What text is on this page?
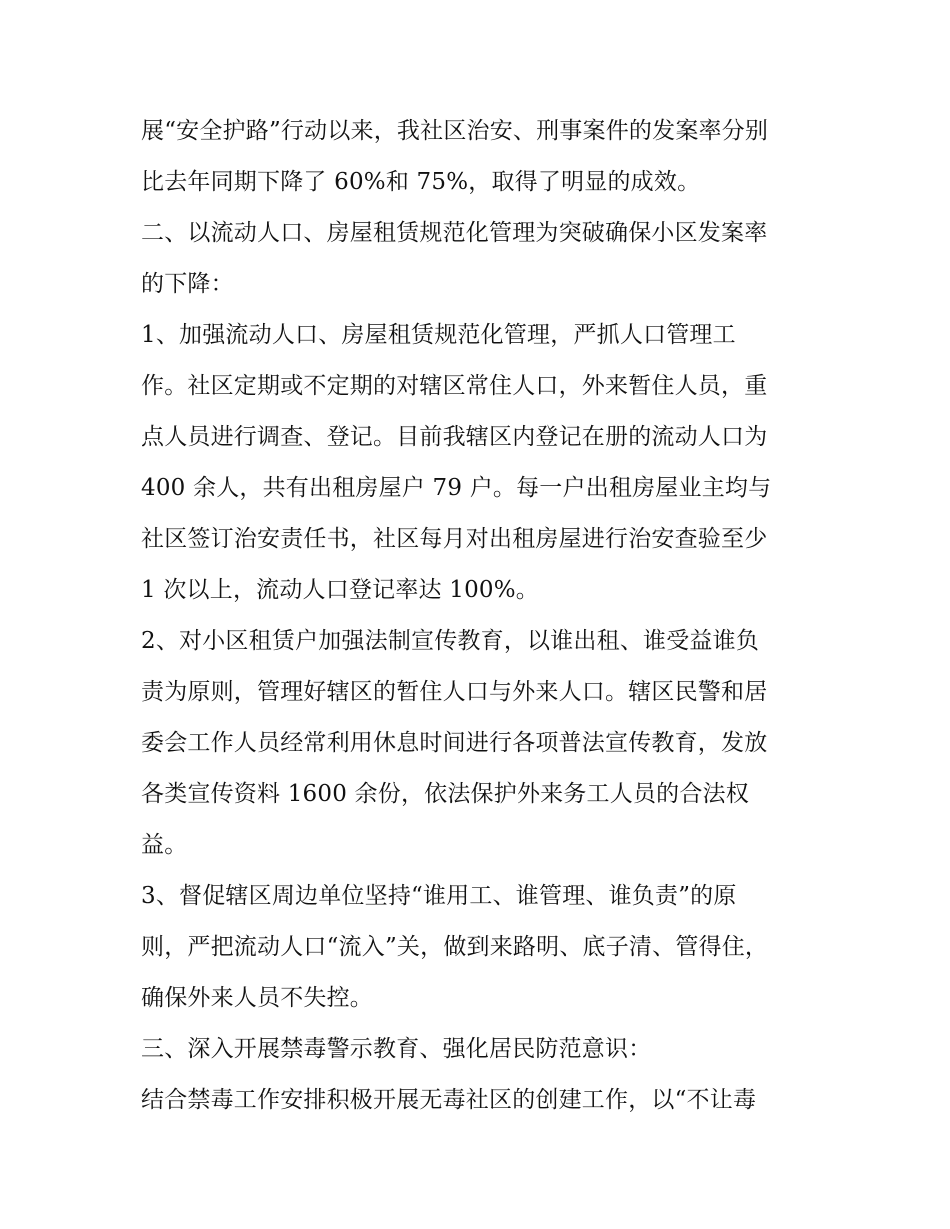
展“安全护路”行动以来，我社区治安、刑事案件的发案率分别
比去年同期下降了 60%和 75%，取得了明显的成效。
二、以流动人口、房屋租赁规范化管理为突破确保小区发案率
的下降：
1、加强流动人口、房屋租赁规范化管理，严抓人口管理工
作。社区定期或不定期的对辖区常住人口，外来暂住人员，重
点人员进行调查、登记。目前我辖区内登记在册的流动人口为
400 余人，共有出租房屋户 79 户。每一户出租房屋业主均与
社区签订治安责任书，社区每月对出租房屋进行治安查验至少
1 次以上，流动人口登记率达 100%。
2、对小区租赁户加强法制宣传教育，以谁出租、谁受益谁负
责为原则，管理好辖区的暂住人口与外来人口。辖区民警和居
委会工作人员经常利用休息时间进行各项普法宣传教育，发放
各类宣传资料 1600 余份，依法保护外来务工人员的合法权
益。
3、督促辖区周边单位坚持“谁用工、谁管理、谁负责”的原
则，严把流动人口“流入”关，做到来路明、底子清、管得住，
确保外来人员不失控。
三、深入开展禁毒警示教育、强化居民防范意识：
结合禁毒工作安排积极开展无毒社区的创建工作，以“不让毒
